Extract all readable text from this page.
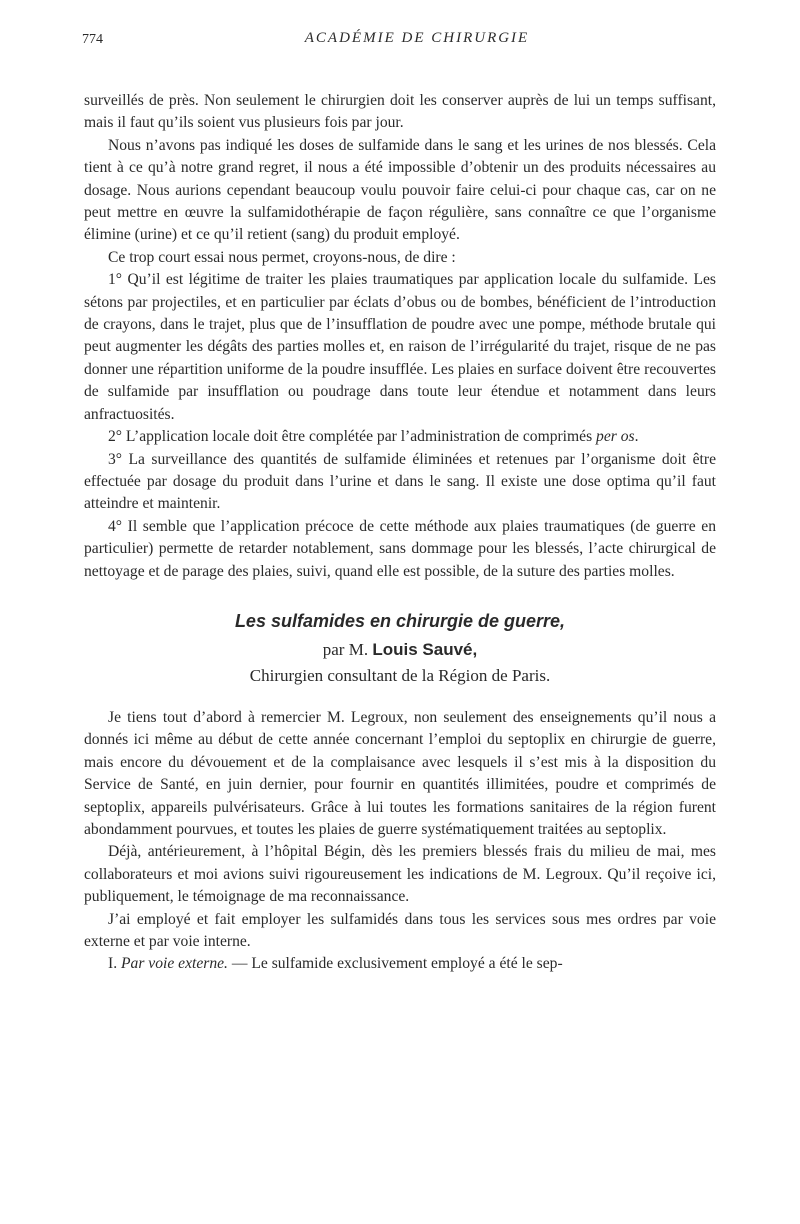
774	ACADÉMIE DE CHIRURGIE

surveillés de près. Non seulement le chirurgien doit les conserver auprès de lui un temps suffisant, mais il faut qu’ils soient vus plusieurs fois par jour.

Nous n’avons pas indiqué les doses de sulfamide dans le sang et les urines de nos blessés. Cela tient à ce qu’à notre grand regret, il nous a été impossible d’obtenir un des produits nécessaires au dosage. Nous aurions cependant beaucoup voulu pouvoir faire celui-ci pour chaque cas, car on ne peut mettre en œuvre la sulfamidothérapie de façon régulière, sans connaître ce que l’organisme élimine (urine) et ce qu’il retient (sang) du produit employé.

Ce trop court essai nous permet, croyons-nous, de dire :

1° Qu’il est légitime de traiter les plaies traumatiques par application locale du sulfamide. Les sétons par projectiles, et en particulier par éclats d’obus ou de bombes, bénéficient de l’introduction de crayons, dans le trajet, plus que de l’insufflation de poudre avec une pompe, méthode brutale qui peut augmenter les dégâts des parties molles et, en raison de l’irrégularité du trajet, risque de ne pas donner une répartition uniforme de la poudre insufflée. Les plaies en surface doivent être recouvertes de sulfamide par insufflation ou poudrage dans toute leur étendue et notamment dans leurs anfractuosités.

2° L’application locale doit être complétée par l’administration de comprimés per os.

3° La surveillance des quantités de sulfamide éliminées et retenues par l’organisme doit être effectuée par dosage du produit dans l’urine et dans le sang. Il existe une dose optima qu’il faut atteindre et maintenir.

4° Il semble que l’application précoce de cette méthode aux plaies traumatiques (de guerre en particulier) permette de retarder notablement, sans dommage pour les blessés, l’acte chirurgical de nettoyage et de parage des plaies, suivi, quand elle est possible, de la suture des parties molles.

Les sulfamides en chirurgie de guerre,
par M. Louis Sauvé,
Chirurgien consultant de la Région de Paris.

Je tiens tout d’abord à remercier M. Legroux, non seulement des enseignements qu’il nous a donnés ici même au début de cette année concernant l’emploi du septoplix en chirurgie de guerre, mais encore du dévouement et de la complaisance avec lesquels il s’est mis à la disposition du Service de Santé, en juin dernier, pour fournir en quantités illimitées, poudre et comprimés de septoplix, appareils pulvérisateurs. Grâce à lui toutes les formations sanitaires de la région furent abondamment pourvues, et toutes les plaies de guerre systématiquement traitées au septoplix.

Déjà, antérieurement, à l’hôpital Bégin, dès les premiers blessés frais du milieu de mai, mes collaborateurs et moi avions suivi rigoureusement les indications de M. Legroux. Qu’il reçoive ici, publiquement, le témoignage de ma reconnaissance.

J’ai employé et fait employer les sulfamidés dans tous les services sous mes ordres par voie externe et par voie interne.

I. Par voie externe. — Le sulfamide exclusivement employé a été le sep-
